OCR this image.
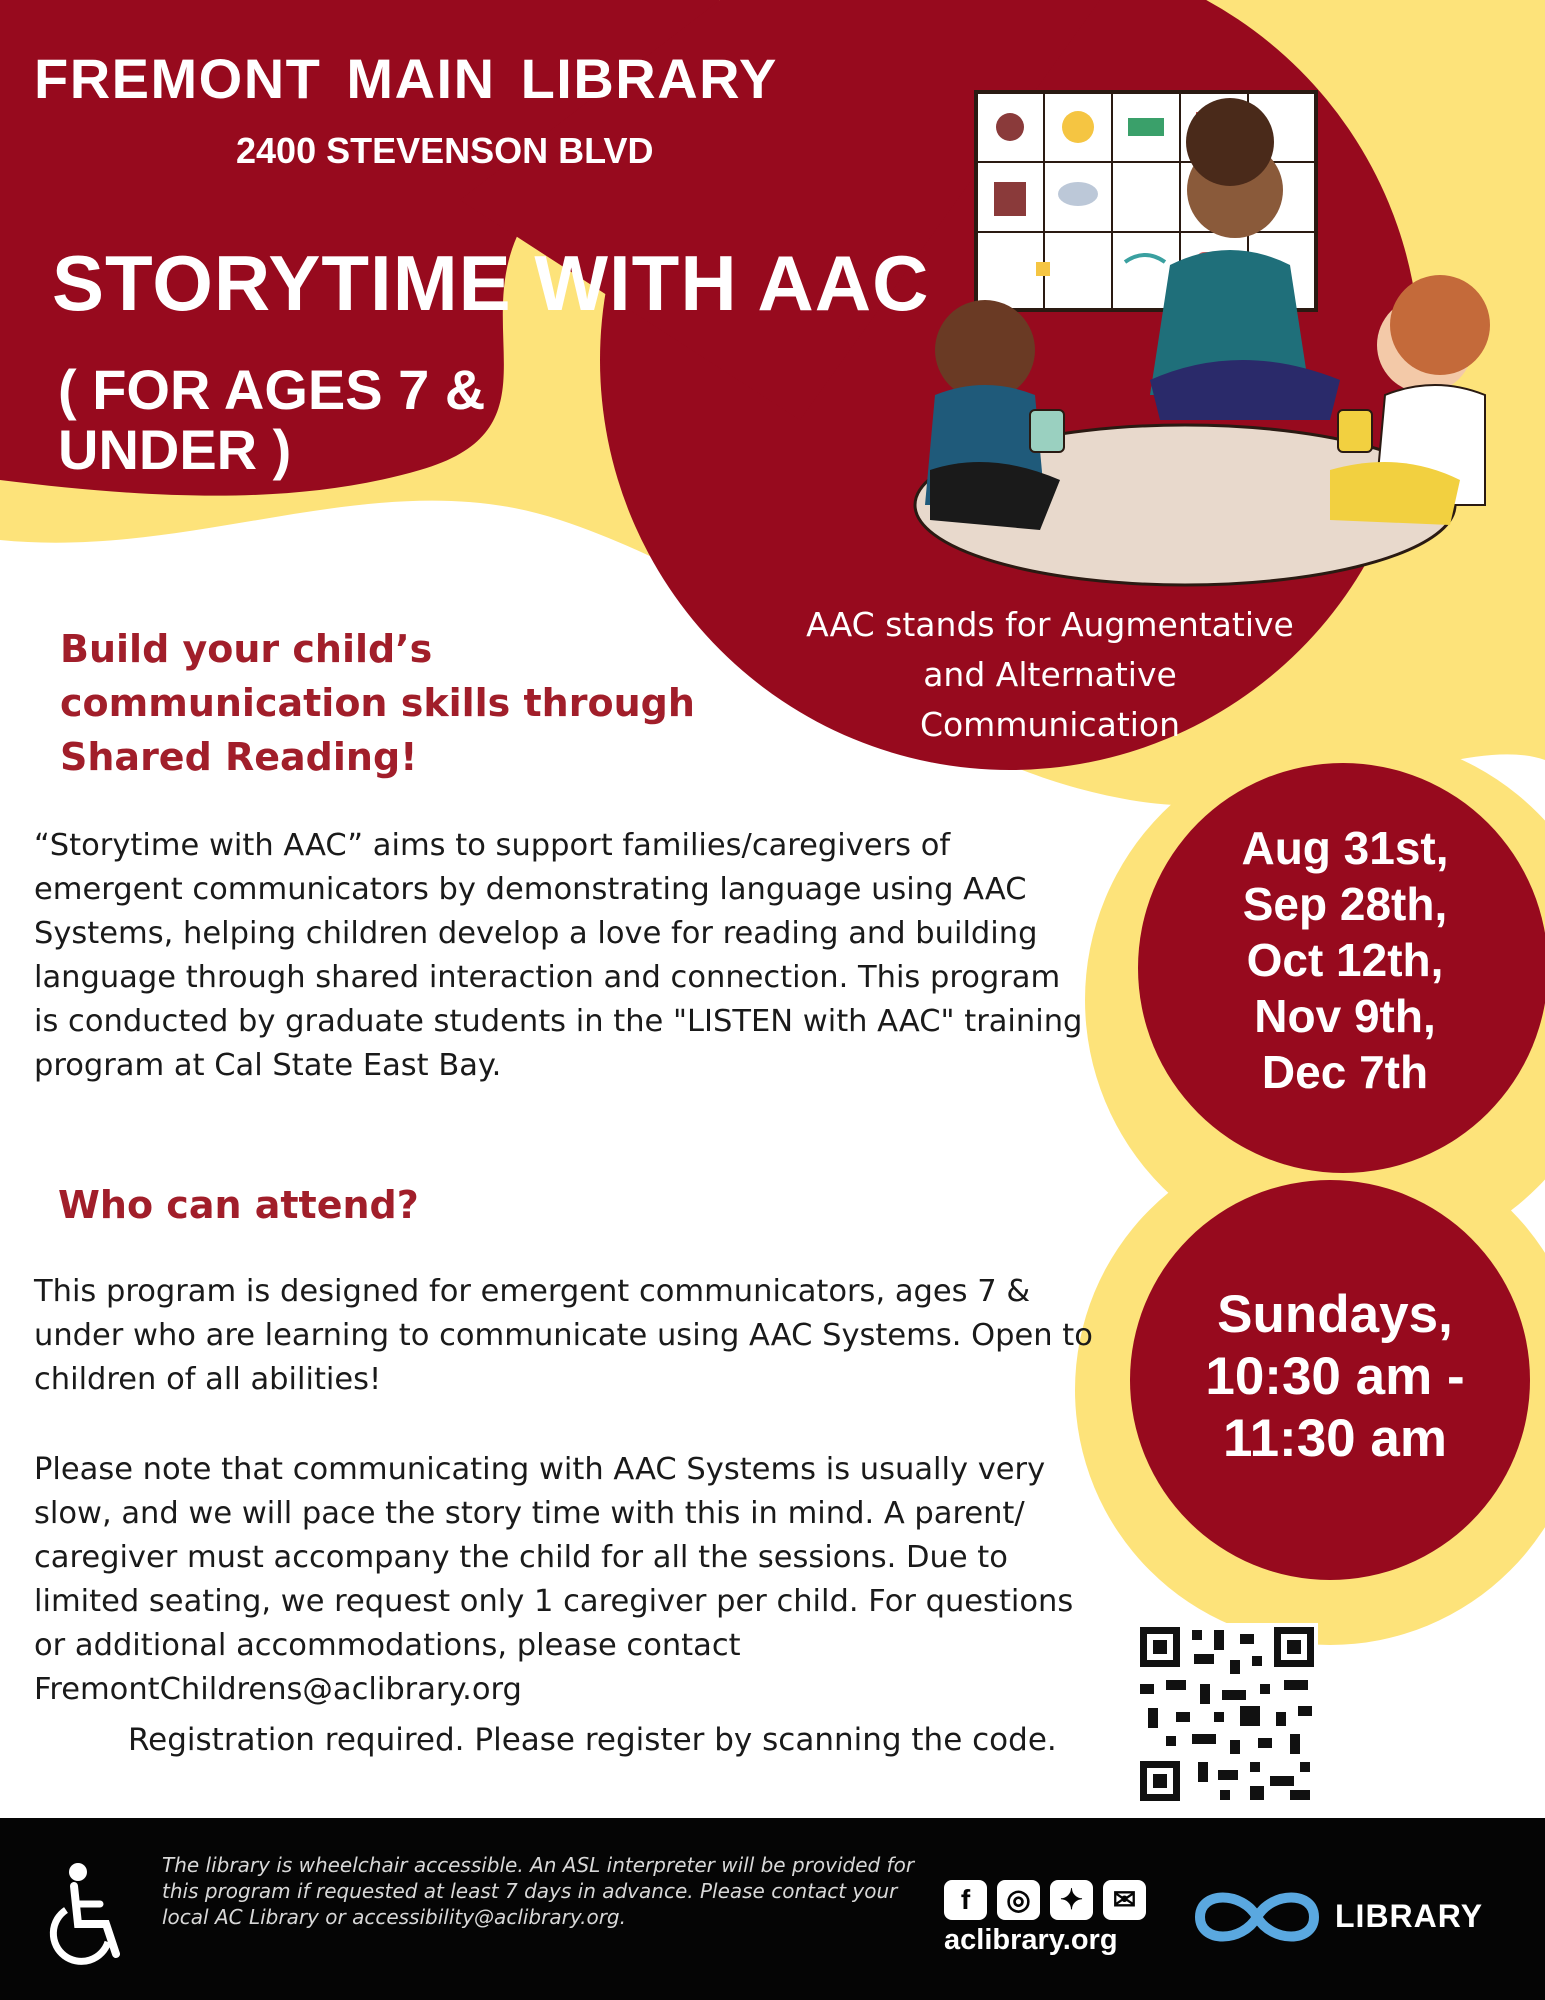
FREMONT MAIN LIBRARY
2400 STEVENSON BLVD
STORYTIME WITH AAC
( FOR AGES 7 & UNDER )
AAC stands for Augmentative and Alternative Communication
Build your child’s communication skills through Shared Reading!
“Storytime with AAC” aims to support families/caregivers of emergent communicators by demonstrating language using AAC Systems, helping children develop a love for reading and building language through shared interaction and connection. This program is conducted by graduate students in the "LISTEN with AAC" training program at Cal State East Bay.
Who can attend?
This program is designed for emergent communicators, ages 7 & under who are learning to communicate using AAC Systems. Open to children of all abilities!
Please note that communicating with AAC Systems is usually very slow, and we will pace the story time with this in mind. A parent/ caregiver must accompany the child for all the sessions. Due to limited seating, we request only 1 caregiver per child. For questions or additional accommodations, please contact FremontChildrens@aclibrary.org
Registration required. Please register by scanning the code.
Aug 31st,
Sep 28th,
Oct 12th,
Nov 9th,
Dec 7th
Sundays,
10:30 am -
11:30 am
The library is wheelchair accessible. An ASL interpreter will be provided for this program if requested at least 7 days in advance. Please contact your local AC Library or accessibility@aclibrary.org.
f	◎	✦	✉
aclibrary.org
LIBRARY
